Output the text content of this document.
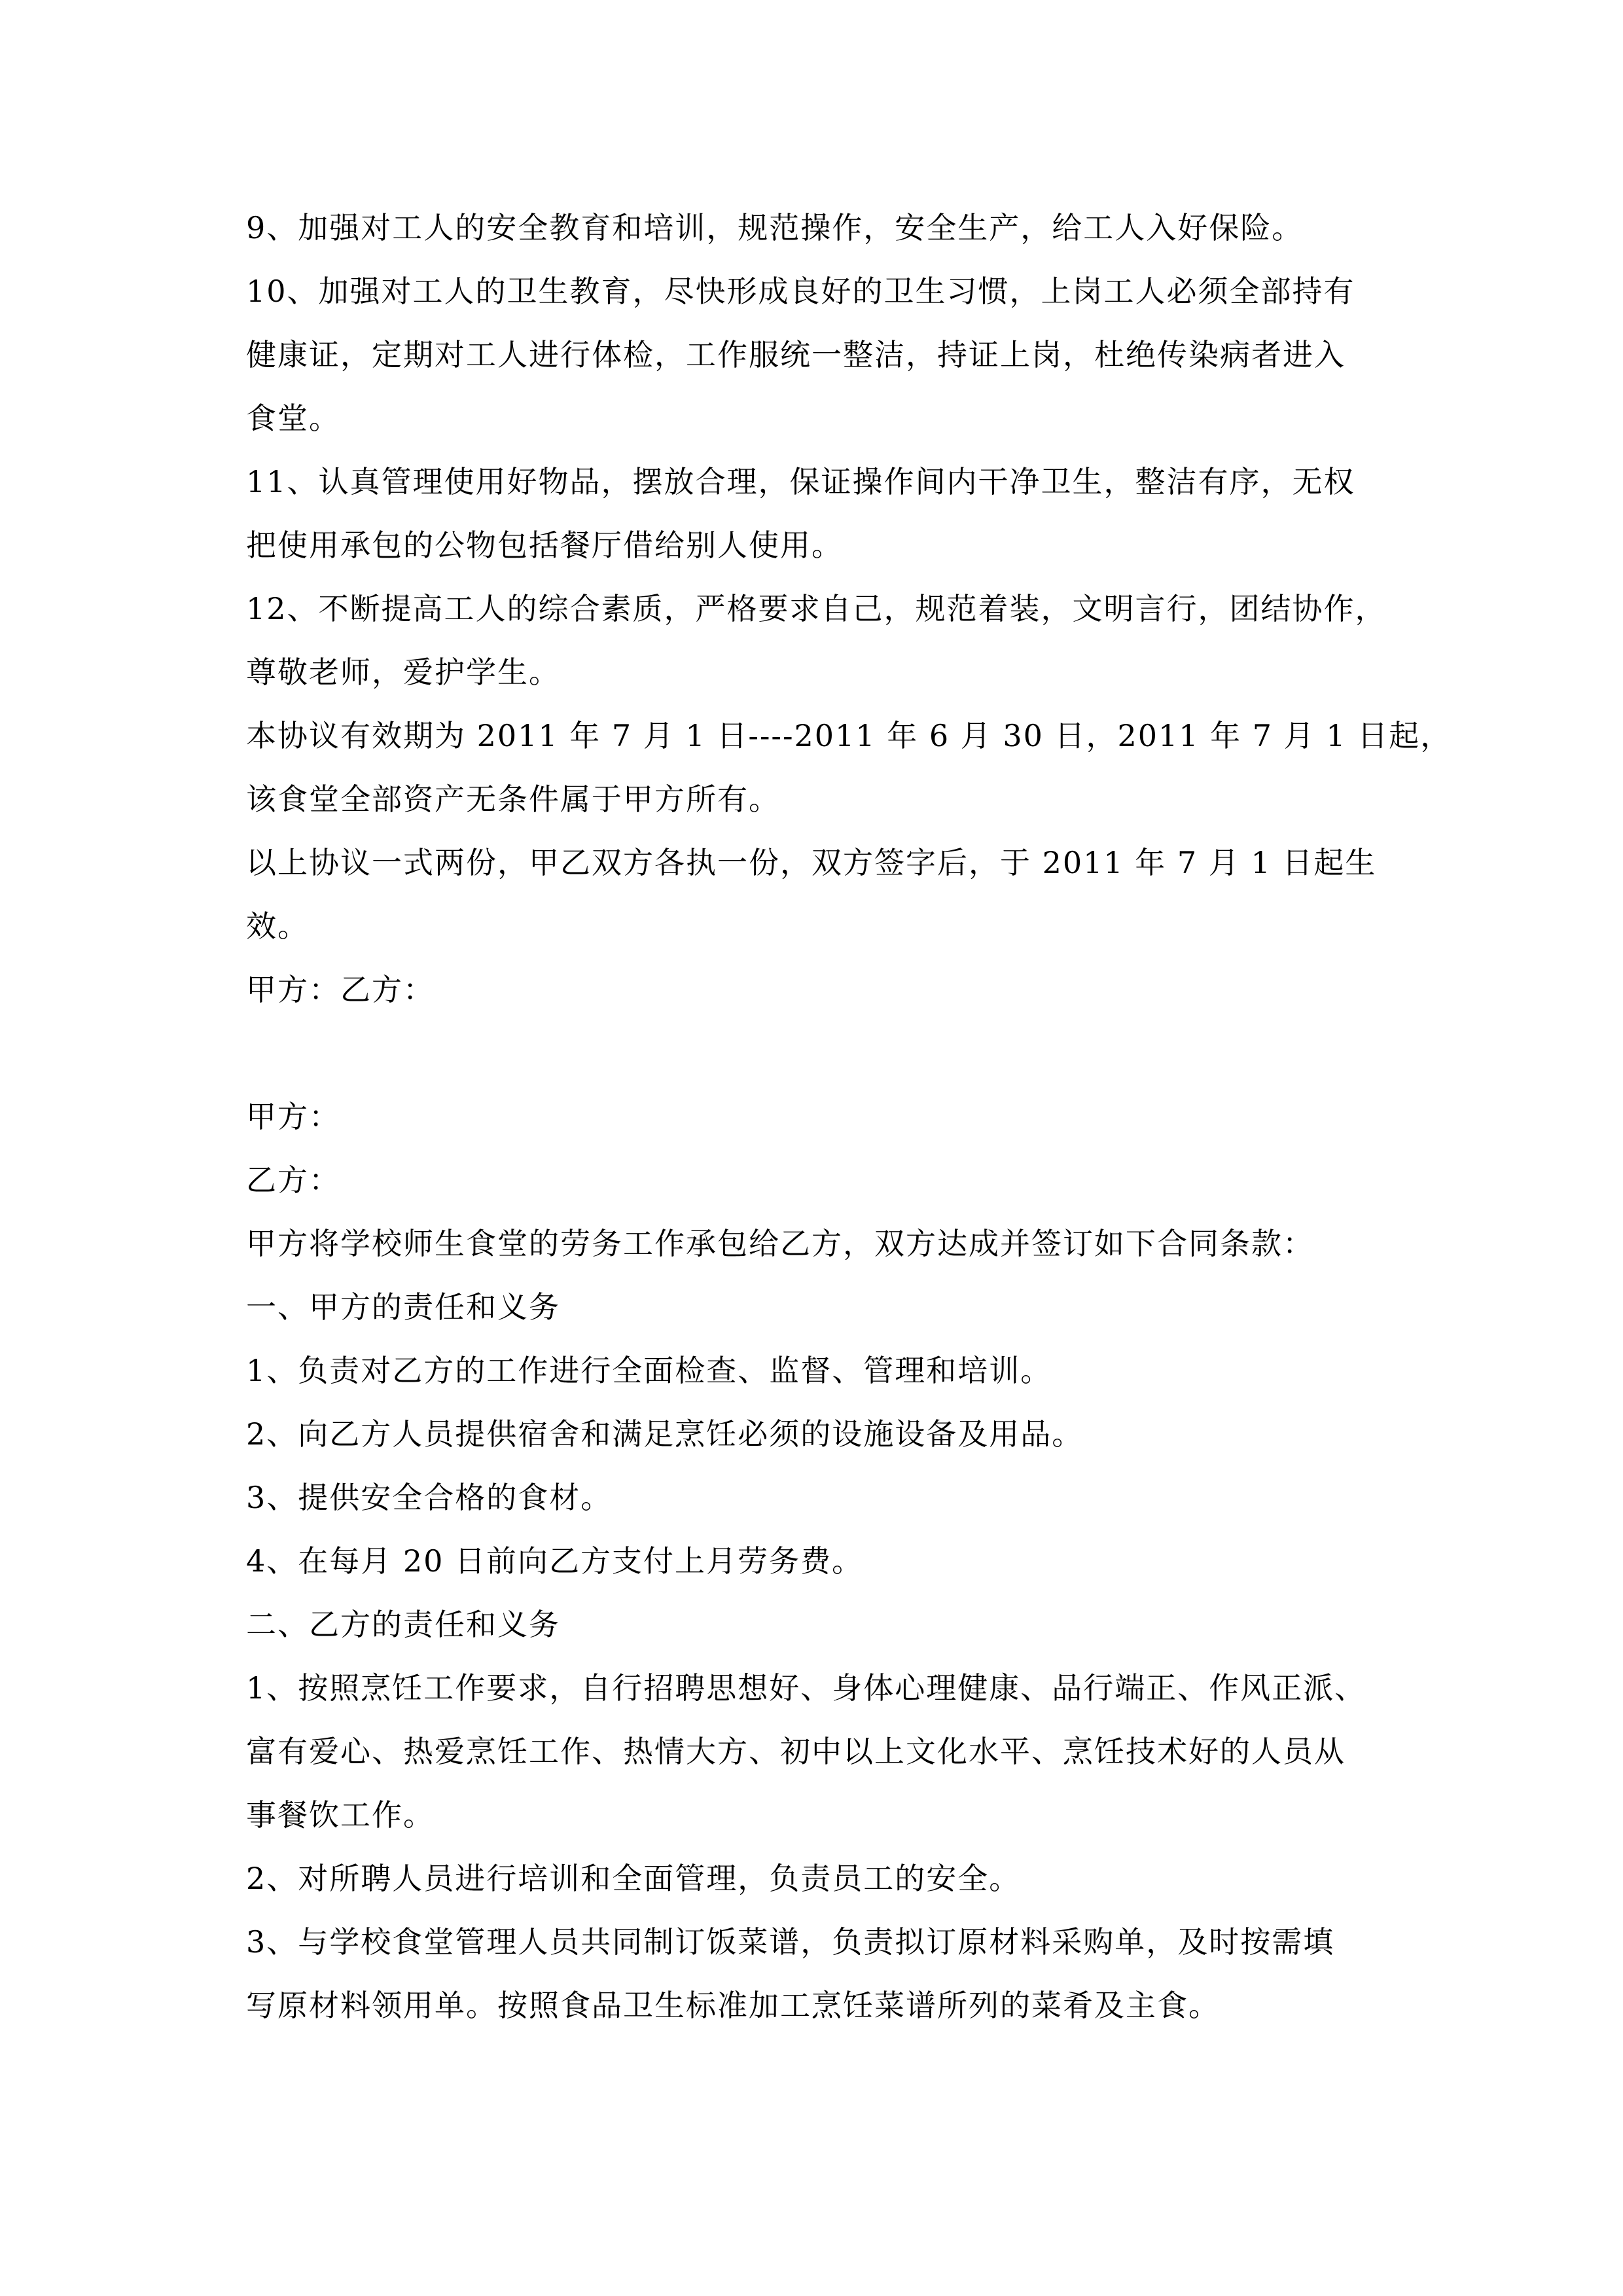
9、加强对工人的安全教育和培训，规范操作，安全生产，给工人入好保险。
10、加强对工人的卫生教育，尽快形成良好的卫生习惯，上岗工人必须全部持有
健康证，定期对工人进行体检，工作服统一整洁，持证上岗，杜绝传染病者进入
食堂。
11、认真管理使用好物品，摆放合理，保证操作间内干净卫生，整洁有序，无权
把使用承包的公物包括餐厅借给别人使用。
12、不断提高工人的综合素质，严格要求自己，规范着装，文明言行，团结协作，
尊敬老师，爱护学生。
本协议有效期为 2011 年 7 月 1 日----2011 年 6 月 30 日，2011 年 7 月 1 日起，
该食堂全部资产无条件属于甲方所有。
以上协议一式两份，甲乙双方各执一份，双方签字后，于 2011 年 7 月 1 日起生
效。
甲方：乙方：
甲方：
乙方：
甲方将学校师生食堂的劳务工作承包给乙方，双方达成并签订如下合同条款：
一、甲方的责任和义务
1、负责对乙方的工作进行全面检查、监督、管理和培训。
2、向乙方人员提供宿舍和满足烹饪必须的设施设备及用品。
3、提供安全合格的食材。
4、在每月 20 日前向乙方支付上月劳务费。
二、乙方的责任和义务
1、按照烹饪工作要求，自行招聘思想好、身体心理健康、品行端正、作风正派、
富有爱心、热爱烹饪工作、热情大方、初中以上文化水平、烹饪技术好的人员从
事餐饮工作。
2、对所聘人员进行培训和全面管理，负责员工的安全。
3、与学校食堂管理人员共同制订饭菜谱，负责拟订原材料采购单，及时按需填
写原材料领用单。按照食品卫生标准加工烹饪菜谱所列的菜肴及主食。
